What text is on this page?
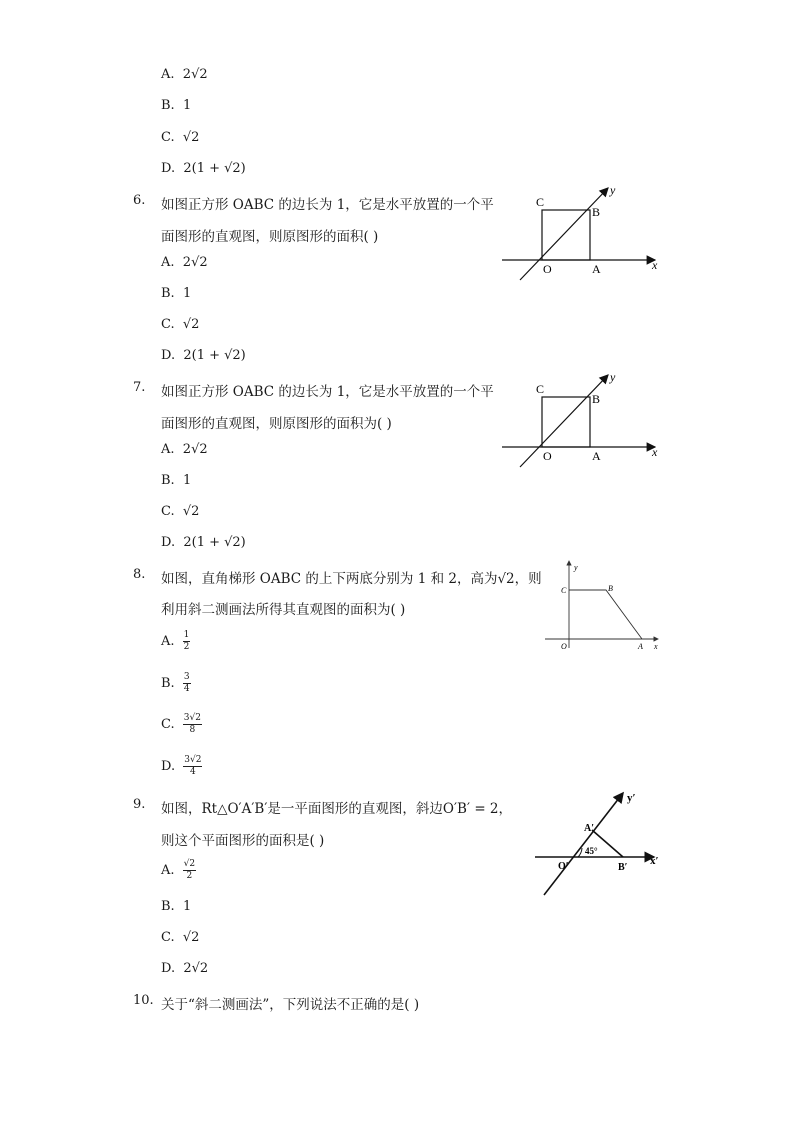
A. 2√2
B. 1
C. √2
D. 2(1 + √2)
6. 如图正方形 OABC 的边长为 1，它是水平放置的一个平
面图形的直观图，则原图形的面积( )
A. 2√2
B. 1
C. √2
D. 2(1 + √2)
C
B
O	A	x
y
7. 如图正方形 OABC 的边长为 1，它是水平放置的一个平
面图形的直观图，则原图形的面积为( )
A. 2√2
B. 1
C. √2
D. 2(1 + √2)
C
B
O	A	x
y
8. 如图，直角梯形 OABC 的上下两底分别为 1 和 2，高为√2，则
利用斜二测画法所得其直观图的面积为( )
A. $\frac{1}{2}$
B. $\frac{3}{4}$
C. $\frac{3√2}{8}$
D. $\frac{3√2}{4}$
y
C	B
O	A x
9. 如图，Rt△O′A′B′是一平面图形的直观图，斜边O′B′ = 2，
则这个平面图形的面积是( )
A. $\frac{√2}{2}$
B. 1
C. √2
D. 2√2
y′
A′
45°
O′	B′
x′
10. 关于“斜二测画法”，下列说法不正确的是( )
